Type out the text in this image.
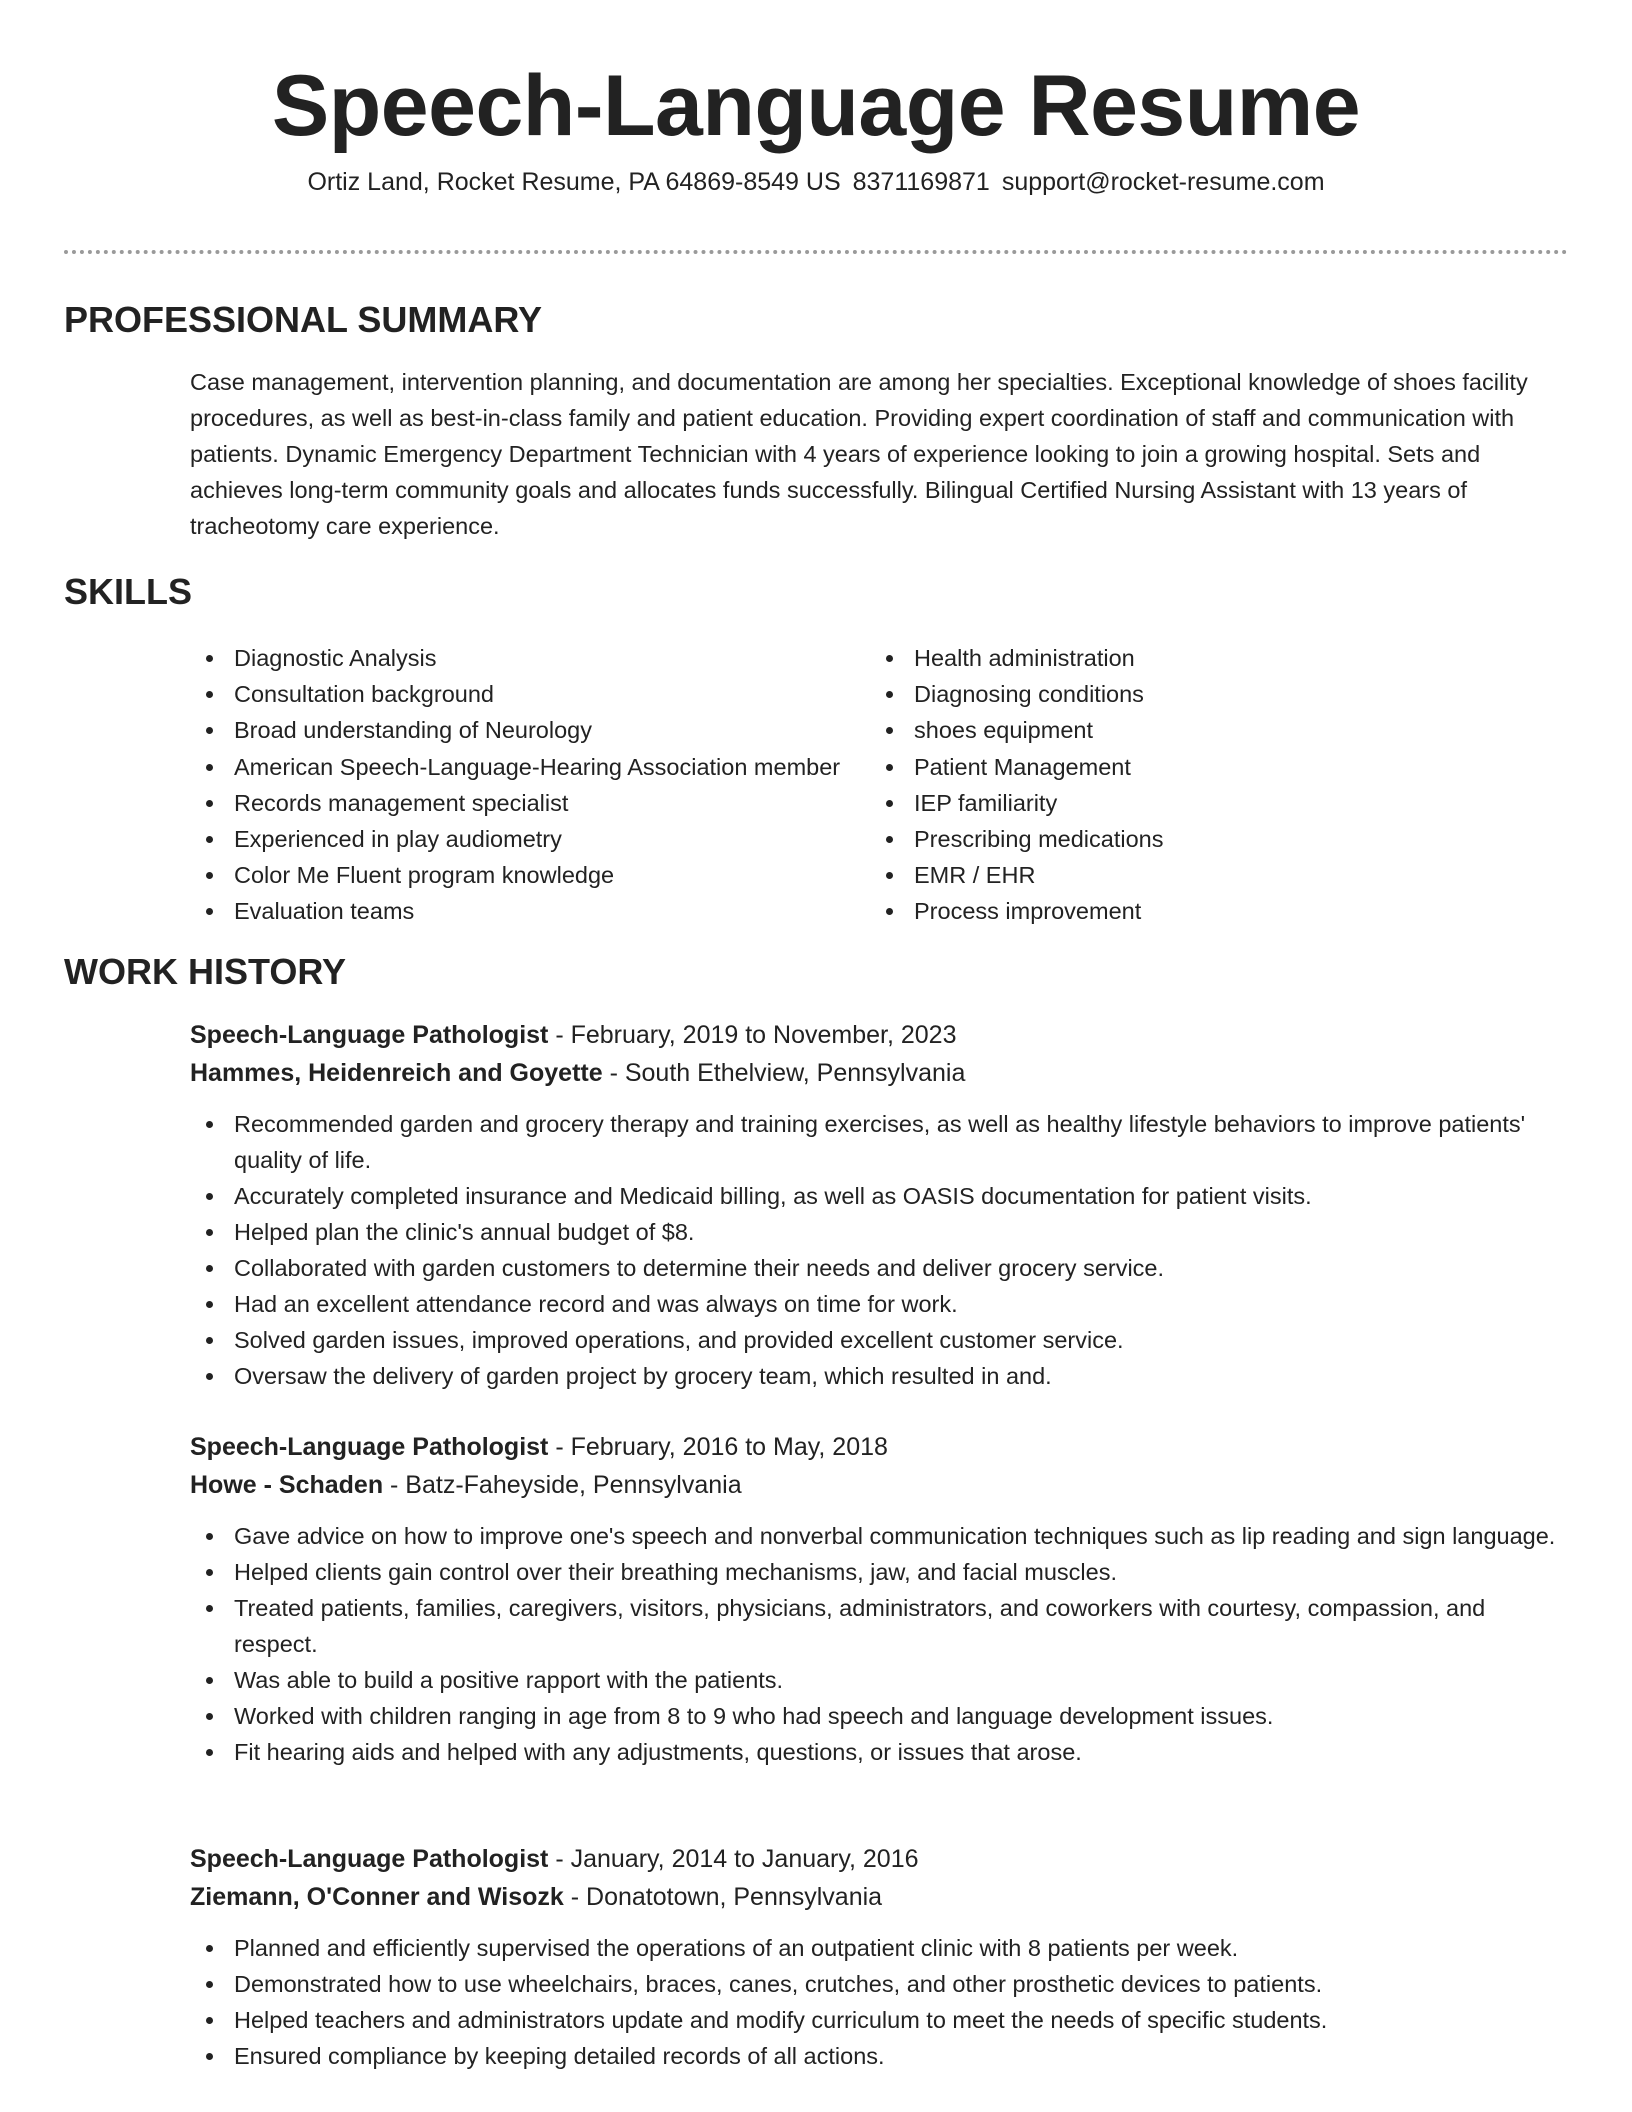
Speech-Language Resume

Ortiz Land, Rocket Resume, PA 64869-8549 US 8371169871 support@rocket-resume.com

PROFESSIONAL SUMMARY

Case management, intervention planning, and documentation are among her specialties. Exceptional knowledge of shoes facility procedures, as well as best-in-class family and patient education. Providing expert coordination of staff and communication with patients. Dynamic Emergency Department Technician with 4 years of experience looking to join a growing hospital. Sets and achieves long-term community goals and allocates funds successfully. Bilingual Certified Nursing Assistant with 13 years of tracheotomy care experience.

SKILLS
Diagnostic Analysis
Consultation background
Broad understanding of Neurology
American Speech-Language-Hearing Association member
Records management specialist
Experienced in play audiometry
Color Me Fluent program knowledge
Evaluation teams
Health administration
Diagnosing conditions
shoes equipment
Patient Management
IEP familiarity
Prescribing medications
EMR / EHR
Process improvement
WORK HISTORY

Speech-Language Pathologist - February, 2019 to November, 2023

Hammes, Heidenreich and Goyette - South Ethelview, Pennsylvania

Recommended garden and grocery therapy and training exercises, as well as healthy lifestyle behaviors to improve patients' quality of life.
Accurately completed insurance and Medicaid billing, as well as OASIS documentation for patient visits.
Helped plan the clinic's annual budget of $8.
Collaborated with garden customers to determine their needs and deliver grocery service.
Had an excellent attendance record and was always on time for work.
Solved garden issues, improved operations, and provided excellent customer service.
Oversaw the delivery of garden project by grocery team, which resulted in and.

Speech-Language Pathologist - February, 2016 to May, 2018

Howe - Schaden - Batz-Faheyside, Pennsylvania

Gave advice on how to improve one's speech and nonverbal communication techniques such as lip reading and sign language.
Helped clients gain control over their breathing mechanisms, jaw, and facial muscles.
Treated patients, families, caregivers, visitors, physicians, administrators, and coworkers with courtesy, compassion, and respect.
Was able to build a positive rapport with the patients.
Worked with children ranging in age from 8 to 9 who had speech and language development issues.
Fit hearing aids and helped with any adjustments, questions, or issues that arose.

Speech-Language Pathologist - January, 2014 to January, 2016

Ziemann, O'Conner and Wisozk - Donatotown, Pennsylvania

Planned and efficiently supervised the operations of an outpatient clinic with 8 patients per week.
Demonstrated how to use wheelchairs, braces, canes, crutches, and other prosthetic devices to patients.
Helped teachers and administrators update and modify curriculum to meet the needs of specific students.
Ensured compliance by keeping detailed records of all actions.
